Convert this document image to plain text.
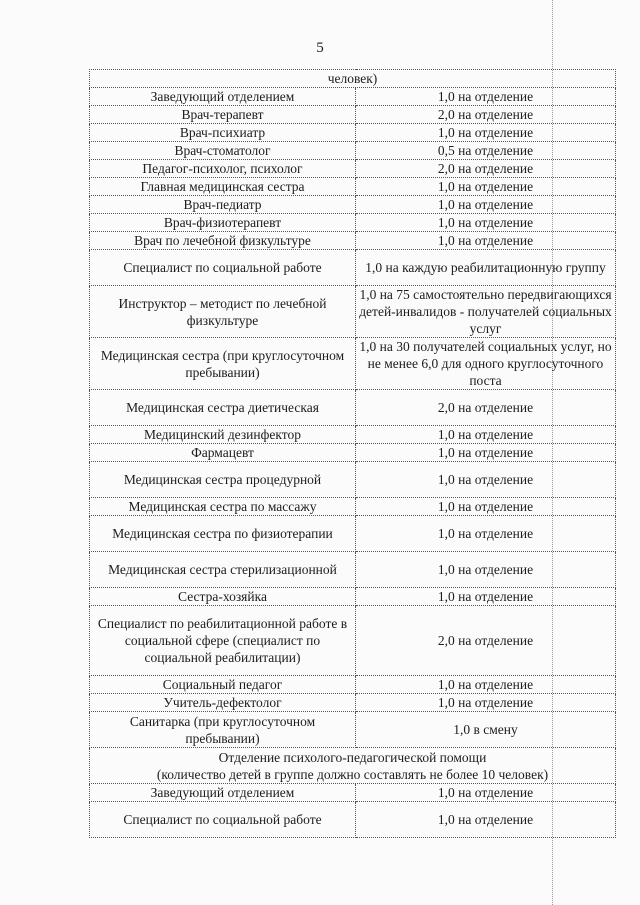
5
человек)	
Заведующий отделением	1,0 на отделение
Врач-терапевт	2,0 на отделение
Врач-психиатр	1,0 на отделение
Врач-стоматолог	0,5 на отделение
Педагог-психолог, психолог	2,0 на отделение
Главная медицинская сестра	1,0 на отделение
Врач-педиатр	1,0 на отделение
Врач-физиотерапевт	1,0 на отделение
Врач по лечебной физкультуре	1,0 на отделение
Специалист по социальной работе	1,0 на каждую реабилитационную группу
Инструктор – методист по лечебной физкультуре	1,0 на 75 самостоятельно передвигающихся детей-инвалидов - получателей социальных услуг
Медицинская сестра (при круглосуточном пребывании)	1,0 на 30 получателей социальных услуг, но не менее 6,0 для одного круглосуточного поста
Медицинская сестра диетическая	2,0 на отделение
Медицинский дезинфектор	1,0 на отделение
Фармацевт	1,0 на отделение
Медицинская сестра процедурной	1,0 на отделение
Медицинская сестра по массажу	1,0 на отделение
Медицинская сестра по физиотерапии	1,0 на отделение
Медицинская сестра стерилизационной	1,0 на отделение
Сестра-хозяйка	1,0 на отделение
Специалист по реабилитационной работе в социальной сфере (специалист по социальной реабилитации)	2,0 на отделение
Социальный педагог	1,0 на отделение
Учитель-дефектолог	1,0 на отделение
Санитарка (при круглосуточном пребывании)	1,0 в смену

Отделение психолого-педагогической помощи
(количество детей в группе должно составлять не более 10 человек)	

Заведующий отделением	1,0 на отделение
Специалист по социальной работе	1,0 на отделение
